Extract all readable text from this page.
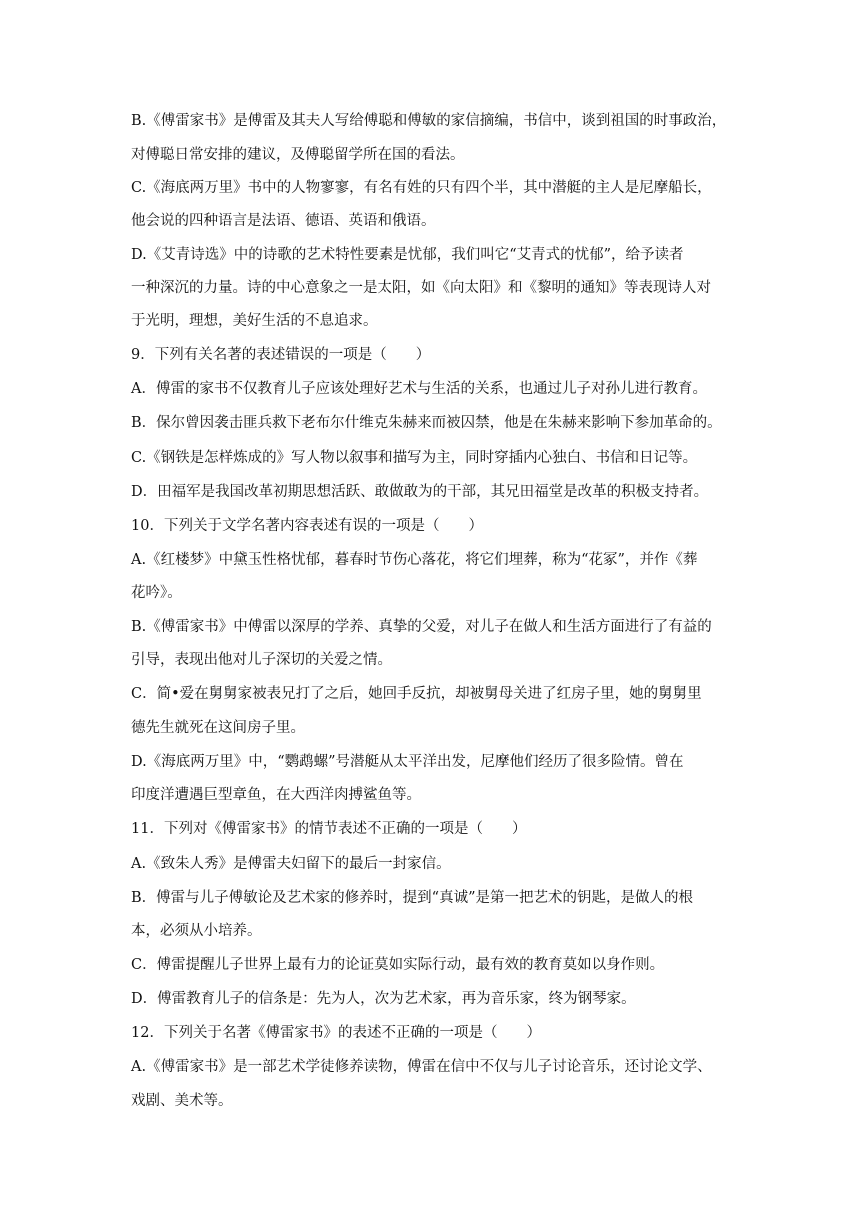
B.《傅雷家书》是傅雷及其夫人写给傅聪和傅敏的家信摘编，书信中，谈到祖国的时事政治，
对傅聪日常安排的建议，及傅聪留学所在国的看法。
C.《海底两万里》书中的人物寥寥，有名有姓的只有四个半，其中潜艇的主人是尼摩船长，
他会说的四种语言是法语、德语、英语和俄语。
D.《艾青诗选》中的诗歌的艺术特性要素是忧郁，我们叫它“艾青式的忧郁”，给予读者
一种深沉的力量。诗的中心意象之一是太阳，如《向太阳》和《黎明的通知》等表现诗人对
于光明，理想，美好生活的不息追求。
9．下列有关名著的表述错误的一项是（　　）
A．傅雷的家书不仅教育儿子应该处理好艺术与生活的关系，也通过儿子对孙儿进行教育。
B．保尔曾因袭击匪兵救下老布尔什维克朱赫来而被囚禁，他是在朱赫来影响下参加革命的。
C.《钢铁是怎样炼成的》写人物以叙事和描写为主，同时穿插内心独白、书信和日记等。
D．田福军是我国改革初期思想活跃、敢做敢为的干部，其兄田福堂是改革的积极支持者。
10．下列关于文学名著内容表述有误的一项是（　　）
A.《红楼梦》中黛玉性格忧郁，暮春时节伤心落花，将它们埋葬，称为“花冢”，并作《葬
花吟》。
B.《傅雷家书》中傅雷以深厚的学养、真挚的父爱，对儿子在做人和生活方面进行了有益的
引导，表现出他对儿子深切的关爱之情。
C．简•爱在舅舅家被表兄打了之后，她回手反抗，却被舅母关进了红房子里，她的舅舅里
德先生就死在这间房子里。
D.《海底两万里》中，“鹦鹉螺”号潜艇从太平洋出发，尼摩他们经历了很多险情。曾在
印度洋遭遇巨型章鱼，在大西洋肉搏鲨鱼等。
11．下列对《傅雷家书》的情节表述不正确的一项是（　　）
A.《致朱人秀》是傅雷夫妇留下的最后一封家信。
B．傅雷与儿子傅敏论及艺术家的修养时，提到“真诚”是第一把艺术的钥匙，是做人的根
本，必须从小培养。
C．傅雷提醒儿子世界上最有力的论证莫如实际行动，最有效的教育莫如以身作则。
D．傅雷教育儿子的信条是：先为人，次为艺术家，再为音乐家，终为钢琴家。
12．下列关于名著《傅雷家书》的表述不正确的一项是（　　）
A.《傅雷家书》是一部艺术学徒修养读物，傅雷在信中不仅与儿子讨论音乐，还讨论文学、
戏剧、美术等。
